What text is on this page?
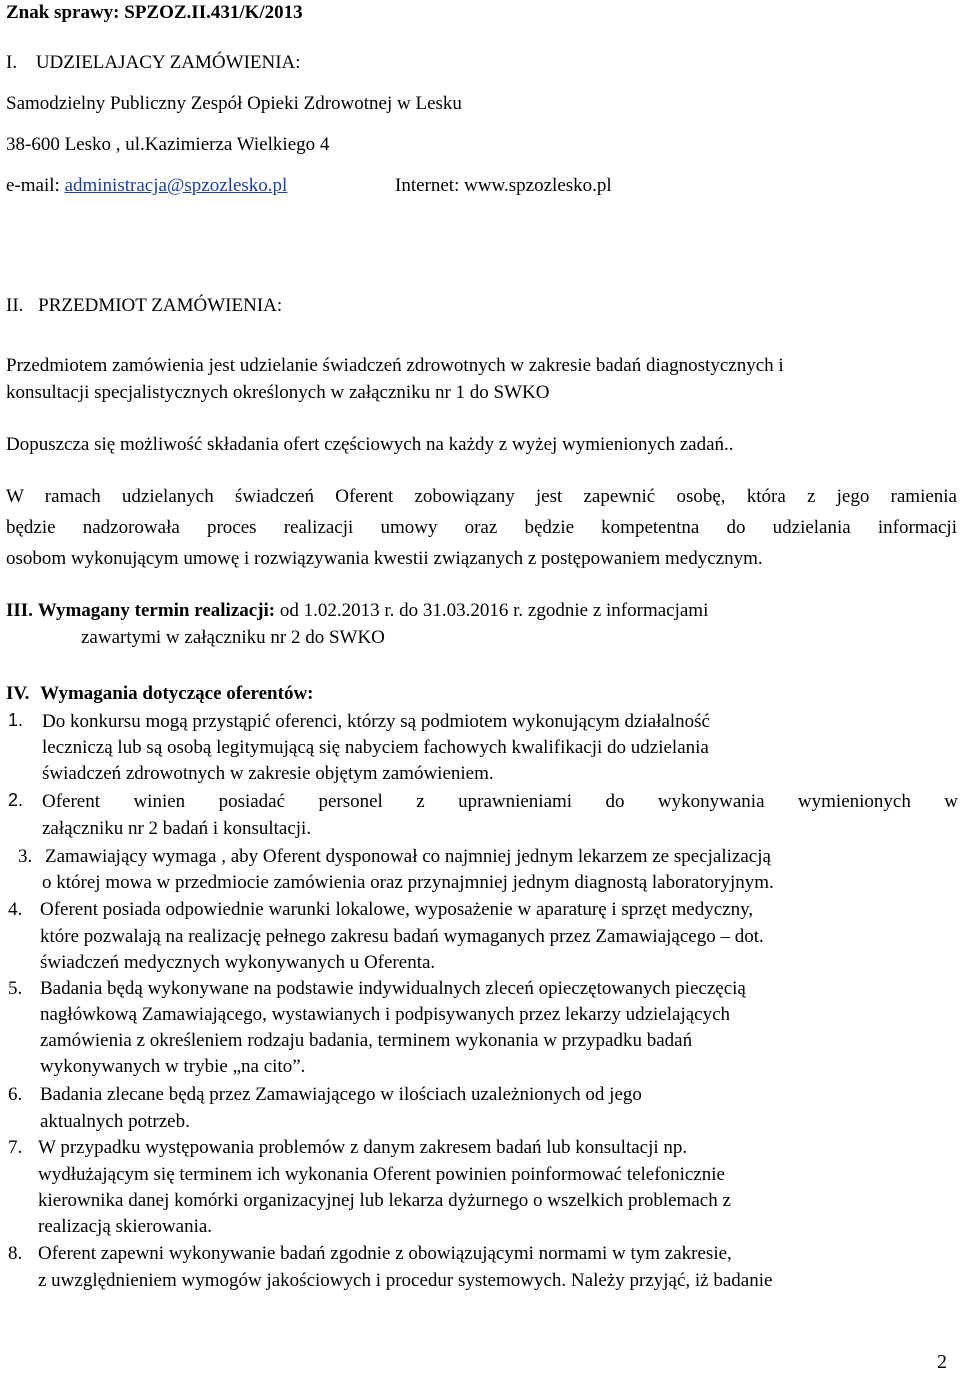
Znak sprawy: SPZOZ.II.431/K/2013
I. UDZIELAJACY ZAMÓWIENIA:
Samodzielny Publiczny Zespół Opieki Zdrowotnej w Lesku
38-600 Lesko , ul.Kazimierza Wielkiego 4
e-mail: administracja@spzozlesko.pl	Internet: www.spzozlesko.pl
II. PRZEDMIOT ZAMÓWIENIA:
Przedmiotem zamówienia jest udzielanie świadczeń zdrowotnych w zakresie badań diagnostycznych i
konsultacji specjalistycznych określonych w załączniku nr 1 do SWKO
Dopuszcza się możliwość składania ofert częściowych na każdy z wyżej wymienionych zadań..
W ramach udzielanych świadczeń Oferent zobowiązany jest zapewnić osobę, która z jego ramienia
będzie nadzorowała proces realizacji umowy oraz będzie kompetentna do udzielania informacji
osobom wykonującym umowę i rozwiązywania kwestii związanych z postępowaniem medycznym.
III. Wymagany termin realizacji: od 1.02.2013 r. do 31.03.2016 r. zgodnie z informacjami
zawartymi w załączniku nr 2 do SWKO
IV. Wymagania dotyczące oferentów:
1. Do konkursu mogą przystąpić oferenci, którzy są podmiotem wykonującym działalność
leczniczą lub są osobą legitymującą się nabyciem fachowych kwalifikacji do udzielania
świadczeń zdrowotnych w zakresie objętym zamówieniem.
2. Oferent winien posiadać personel z uprawnieniami do wykonywania wymienionych w
załączniku nr 2 badań i konsultacji.
3. Zamawiający wymaga , aby Oferent dysponował co najmniej jednym lekarzem ze specjalizacją
o której mowa w przedmiocie zamówienia oraz przynajmniej jednym diagnostą laboratoryjnym.
4. Oferent posiada odpowiednie warunki lokalowe, wyposażenie w aparaturę i sprzęt medyczny,
które pozwalają na realizację pełnego zakresu badań wymaganych przez Zamawiającego – dot.
świadczeń medycznych wykonywanych u Oferenta.
5. Badania będą wykonywane na podstawie indywidualnych zleceń opieczętowanych pieczęcią
nagłówkową Zamawiającego, wystawianych i podpisywanych przez lekarzy udzielających
zamówienia z określeniem rodzaju badania, terminem wykonania w przypadku badań
wykonywanych w trybie „na cito”.
6. Badania zlecane będą przez Zamawiającego w ilościach uzależnionych od jego
aktualnych potrzeb.
7. W przypadku występowania problemów z danym zakresem badań lub konsultacji np.
wydłużającym się terminem ich wykonania Oferent powinien poinformować telefonicznie
kierownika danej komórki organizacyjnej lub lekarza dyżurnego o wszelkich problemach z
realizacją skierowania.
8. Oferent zapewni wykonywanie badań zgodnie z obowiązującymi normami w tym zakresie,
z uwzględnieniem wymogów jakościowych i procedur systemowych. Należy przyjąć, iż badanie
2
